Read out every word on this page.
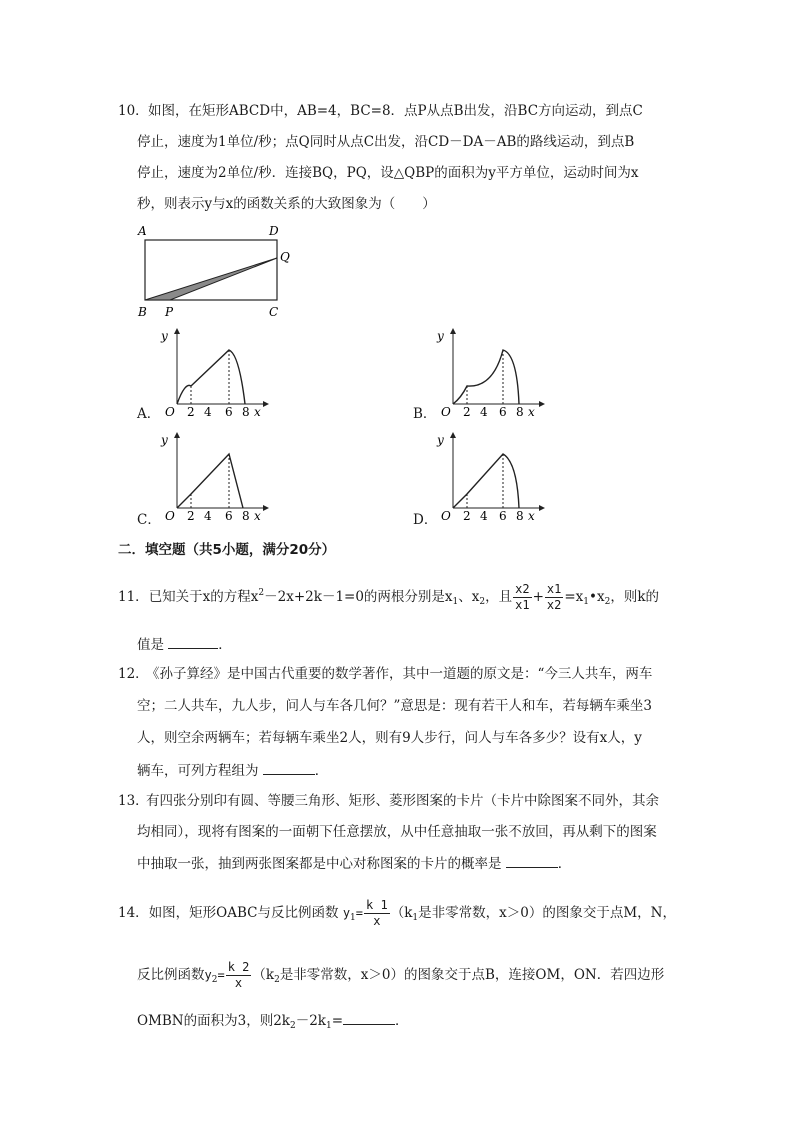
10． 如图，在矩形ABCD中，AB=4，BC=8．点P从点B出发，沿BC方向运动，到点C
停止，速度为1单位/秒；点Q同时从点C出发，沿CD－DA－AB的路线运动，到点B
停止，速度为2单位/秒．连接BQ，PQ，设△QBP的面积为y平方单位，运动时间为x
秒，则表示y与x的函数关系的大致图象为（　　）
A	D
Q
B P	C
A．
y
O 2 4 6 8 x	B．
y
O 2 4 6 8 x
C．
y
O 2 4 6 8 x	D．
y
O 2 4 6 8 x
二．填空题（共5小题，满分20分）
11．已知关于x的方程$x^2-2x+2k-1=0$的两根分别是$x_1$、$x_2$，且 $\frac{x2}{x1} + \frac{x1}{x2}$ $=x_1•x_2$，则k的
值是	．
12．
《孙子算经》是中国古代重要的数学著作，其中一道题的原文是：“今三人共车，两车
空；二人共车，九人步，问人与车各几何？”意思是：现有若干人和车，若每辆车乘坐3
人，则空余两辆车；若每辆车乘坐2人，则有9人步行，问人与车各多少？设有x人，y
辆车，可列方程组为	．
13．
有四张分别印有圆、等腰三角形、矩形、菱形图案的卡片（卡片中除图案不同外，其余
均相同），现将有图案的一面朝下任意摆放，从中任意抽取一张不放回，再从剩下的图案
中抽取一张，抽到两张图案都是中心对称图案的卡片的概率是	．
14．如图，矩形OABC与反比例函数 $y_1= \frac{k 1}{x} (k_1$是非零常数，x＞0）的图象交于点M，N，
反比例函数$y_2= \frac{k 2}{x} (k_2$是非零常数，x＞0）的图象交于点B，连接OM，ON．若四边形
OMBN的面积为3，则$2k_2-2k_1=$	．
